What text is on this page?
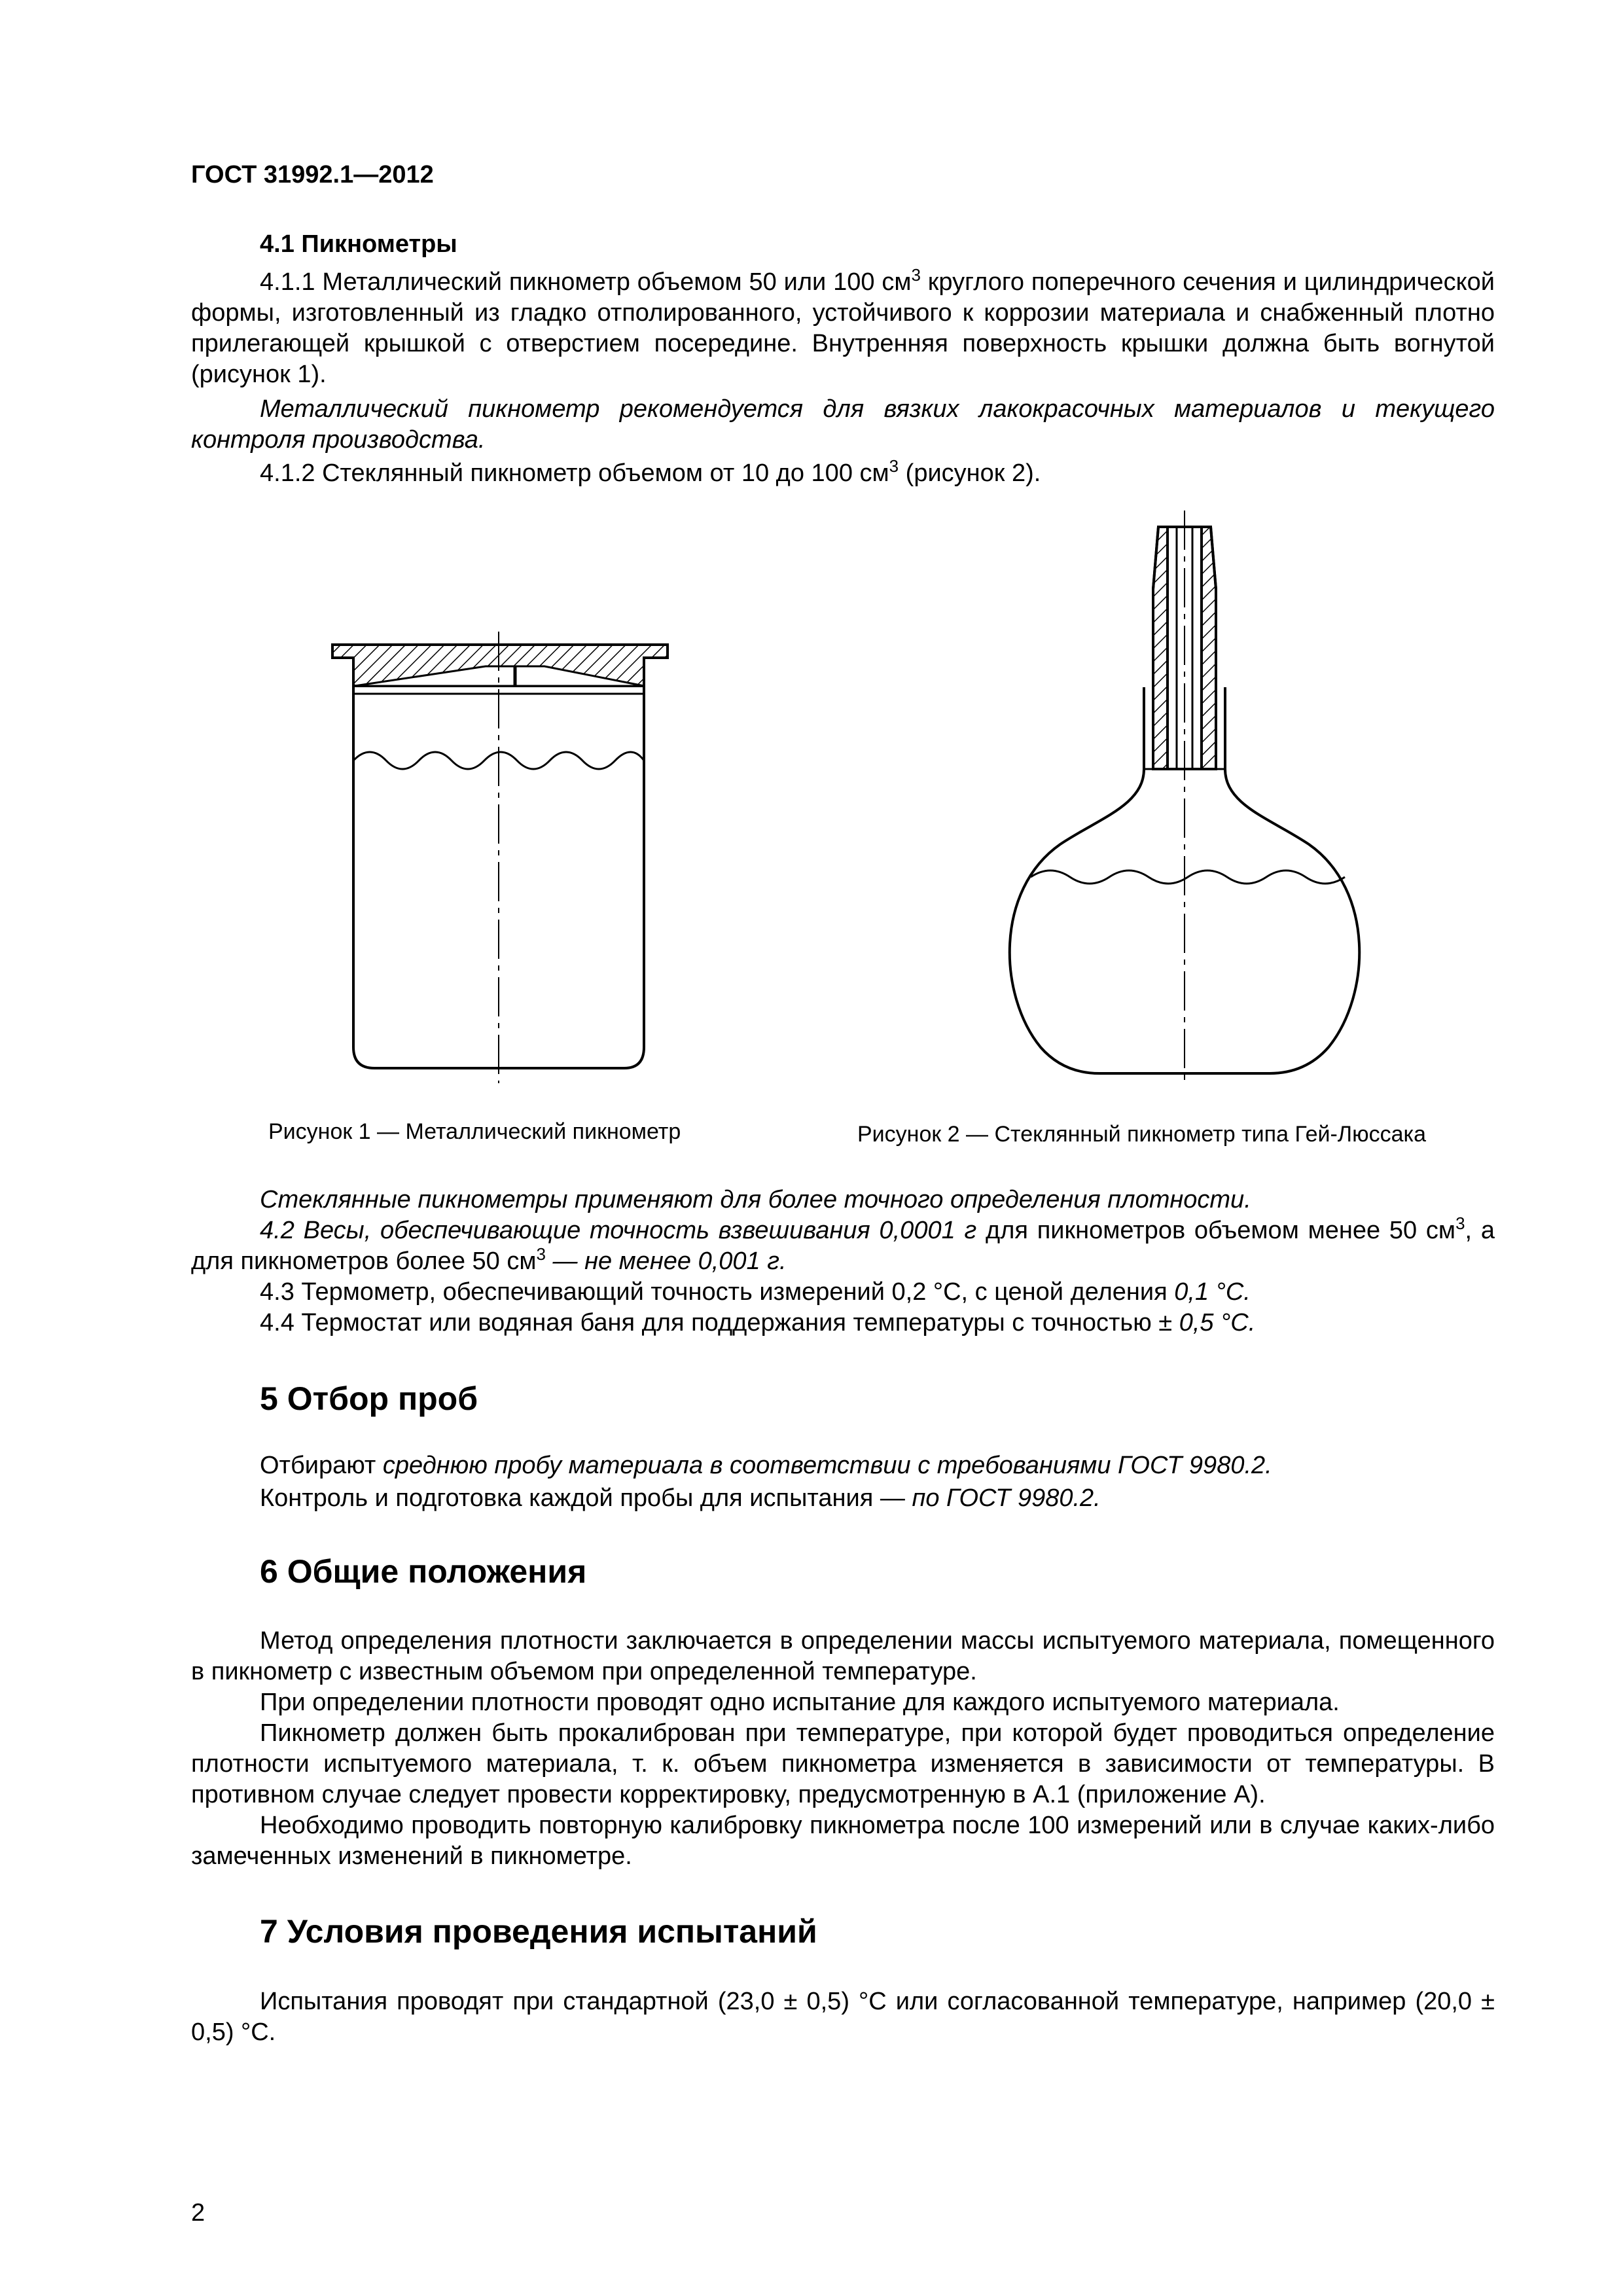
ГОСТ 31992.1—2012
4.1 Пикнометры

4.1.1 Металлический пикнометр объемом 50 или 100 $см^3$ круглого поперечного сечения и цилиндрической формы, изготовленный из гладко отполированного, устойчивого к коррозии материала и снабженный плотно прилегающей крышкой с отверстием посередине. Внутренняя поверхность крышки должна быть вогнутой (рисунок 1).

Металлический пикнометр рекомендуется для вязких лакокрасочных материалов и текущего контроля производства.

4.1.2 Стеклянный пикнометр объемом от 10 до 100 $см^3$ (рисунок 2).

Рисунок 1 — Металлический пикнометр	Рисунок 2 — Стеклянный пикнометр типа Гей-Люссака

Стеклянные пикнометры применяют для более точного определения плотности.

4.2 Весы, обеспечивающие точность взвешивания 0,0001 г для пикнометров объемом менее 50 $см^3$, а для пикнометров более 50 $см^3$ — не менее 0,001 г.

4.3 Термометр, обеспечивающий точность измерений 0,2 °С, с ценой деления 0,1 °С.

4.4 Термостат или водяная баня для поддержания температуры с точностью ± 0,5 °С.

5 Отбор проб

Отбирают среднюю пробу материала в соответствии с требованиями ГОСТ 9980.2.

Контроль и подготовка каждой пробы для испытания — по ГОСТ 9980.2.

6 Общие положения

Метод определения плотности заключается в определении массы испытуемого материала, помещенного в пикнометр с известным объемом при определенной температуре.

При определении плотности проводят одно испытание для каждого испытуемого материала.

Пикнометр должен быть прокалиброван при температуре, при которой будет проводиться определение плотности испытуемого материала, т. к. объем пикнометра изменяется в зависимости от температуры. В противном случае следует провести корректировку, предусмотренную в А.1 (приложение А).

Необходимо проводить повторную калибровку пикнометра после 100 измерений или в случае каких-либо замеченных изменений в пикнометре.

7 Условия проведения испытаний

Испытания проводят при стандартной (23,0 ± 0,5) °С или согласованной температуре, например (20,0 ± 0,5) °С.

2
